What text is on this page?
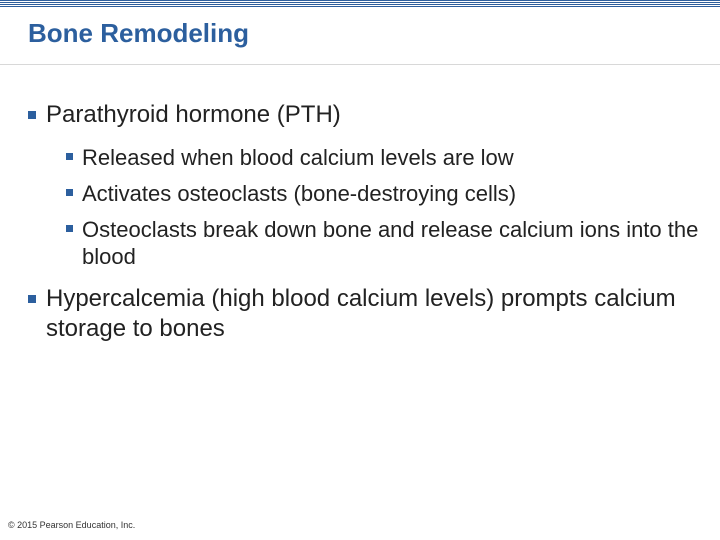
Bone Remodeling
Parathyroid hormone (PTH)
Released when blood calcium levels are low
Activates osteoclasts (bone-destroying cells)
Osteoclasts break down bone and release calcium ions into the blood
Hypercalcemia (high blood calcium levels) prompts calcium storage to bones
© 2015 Pearson Education, Inc.
